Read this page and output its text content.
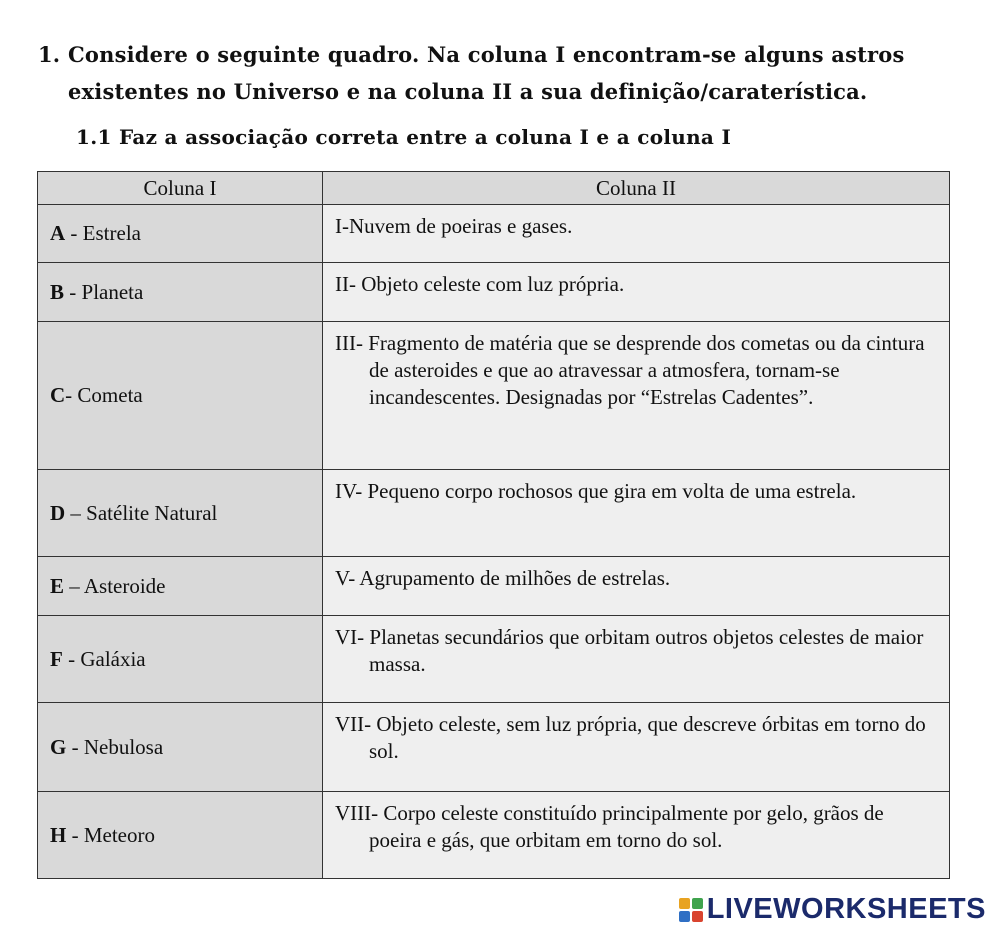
1. Considere o seguinte quadro. Na coluna I encontram-se alguns astros
existentes no Universo e na coluna II a sua definição/caraterística.
1.1 Faz a associação correta entre a coluna I e a coluna I
Coluna I	Coluna II
A - Estrela	I-Nuvem de poeiras e gases.

B - Planeta	II- Objeto celeste com luz própria.

C- Cometa	III- Fragmento de matéria que se desprende dos cometas ou da cintura de asteroides e que ao atravessar a atmosfera, tornam-se incandescentes. Designadas por “Estrelas Cadentes”.

D – Satélite Natural	IV- Pequeno corpo rochosos que gira em volta de uma estrela.

E – Asteroide	V- Agrupamento de milhões de estrelas.

F - Galáxia	VI- Planetas secundários que orbitam outros objetos celestes de maior massa.

G - Nebulosa	VII- Objeto celeste, sem luz própria, que descreve órbitas em torno do sol.

H - Meteoro	VIII- Corpo celeste constituído principalmente por gelo, grãos de poeira e gás, que orbitam em torno do sol.
LIVEWORKSHEETS
